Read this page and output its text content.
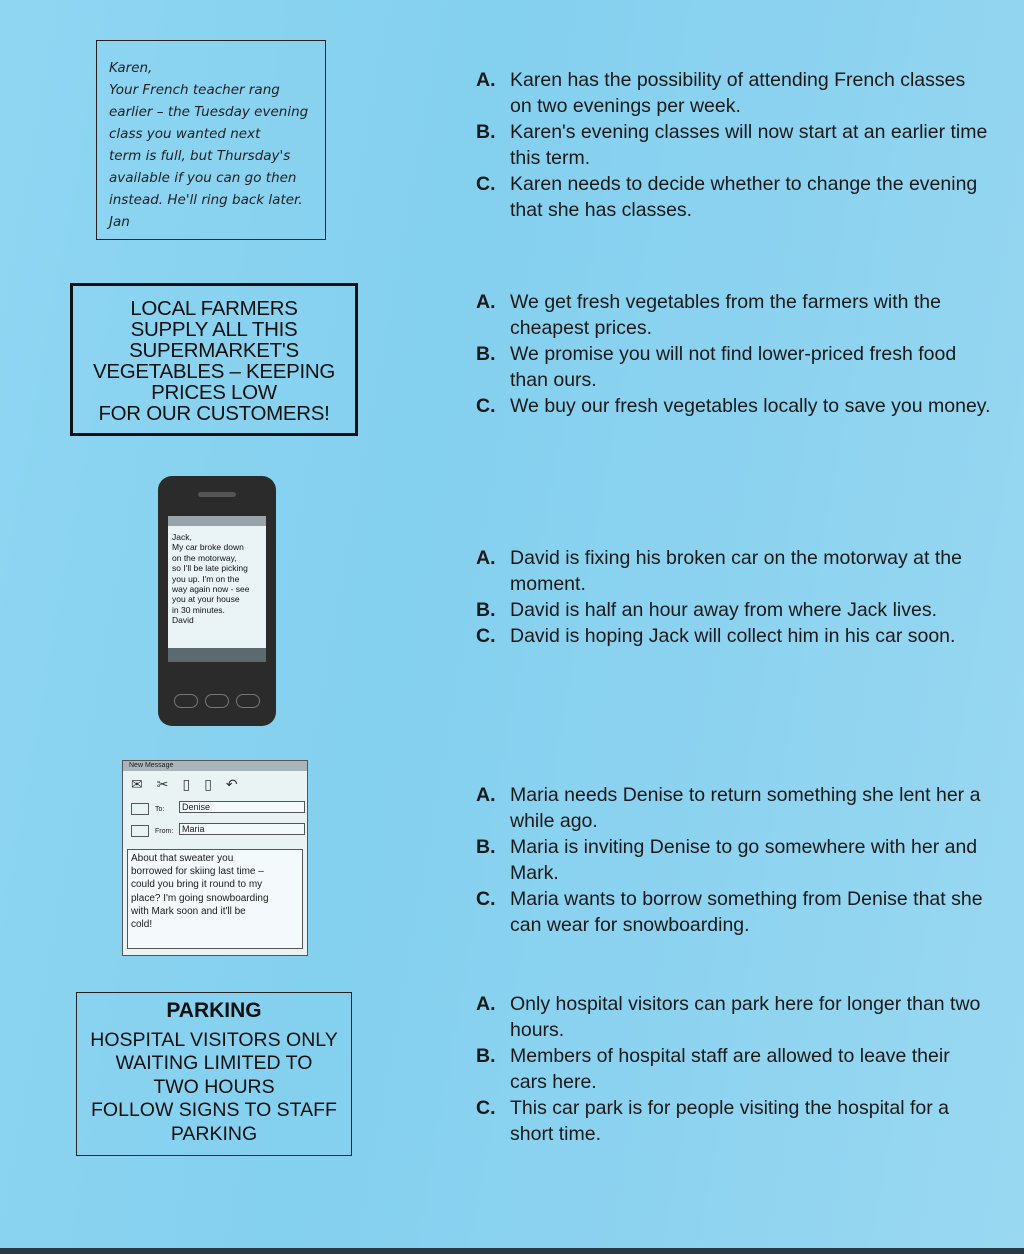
Karen,
Your French teacher rang
earlier – the Tuesday evening
class you wanted next
term is full, but Thursday's
available if you can go then
instead. He'll ring back later.
Jan
A. Karen has the possibility of attending French classes on two evenings per week.
B. Karen's evening classes will now start at an earlier time this term.
C. Karen needs to decide whether to change the evening that she has classes.
LOCAL FARMERS
SUPPLY ALL THIS
SUPERMARKET'S
VEGETABLES – KEEPING
PRICES LOW
FOR OUR CUSTOMERS!
A. We get fresh vegetables from the farmers with the cheapest prices.
B. We promise you will not find lower-priced fresh food than ours.
C. We buy our fresh vegetables locally to save you money.
Jack,
My car broke down
on the motorway,
so I'll be late picking
you up. I'm on the
way again now - see
you at your house
in 30 minutes.
David
A. David is fixing his broken car on the motorway at the moment.
B. David is half an hour away from where Jack lives.
C. David is hoping Jack will collect him in his car soon.
New Message
✉ ✂ ▯ ▯ ↶
To:	Denise
From: Maria
About that sweater you
borrowed for skiing last time –
could you bring it round to my
place? I'm going snowboarding
with Mark soon and it'll be
cold!
A. Maria needs Denise to return something she lent her a while ago.
B. Maria is inviting Denise to go somewhere with her and Mark.
C. Maria wants to borrow something from Denise that she can wear for snowboarding.
PARKING
HOSPITAL VISITORS ONLY
WAITING LIMITED TO
TWO HOURS
FOLLOW SIGNS TO STAFF
PARKING
A. Only hospital visitors can park here for longer than two hours.
B. Members of hospital staff are allowed to leave their cars here.
C. This car park is for people visiting the hospital for a short time.
